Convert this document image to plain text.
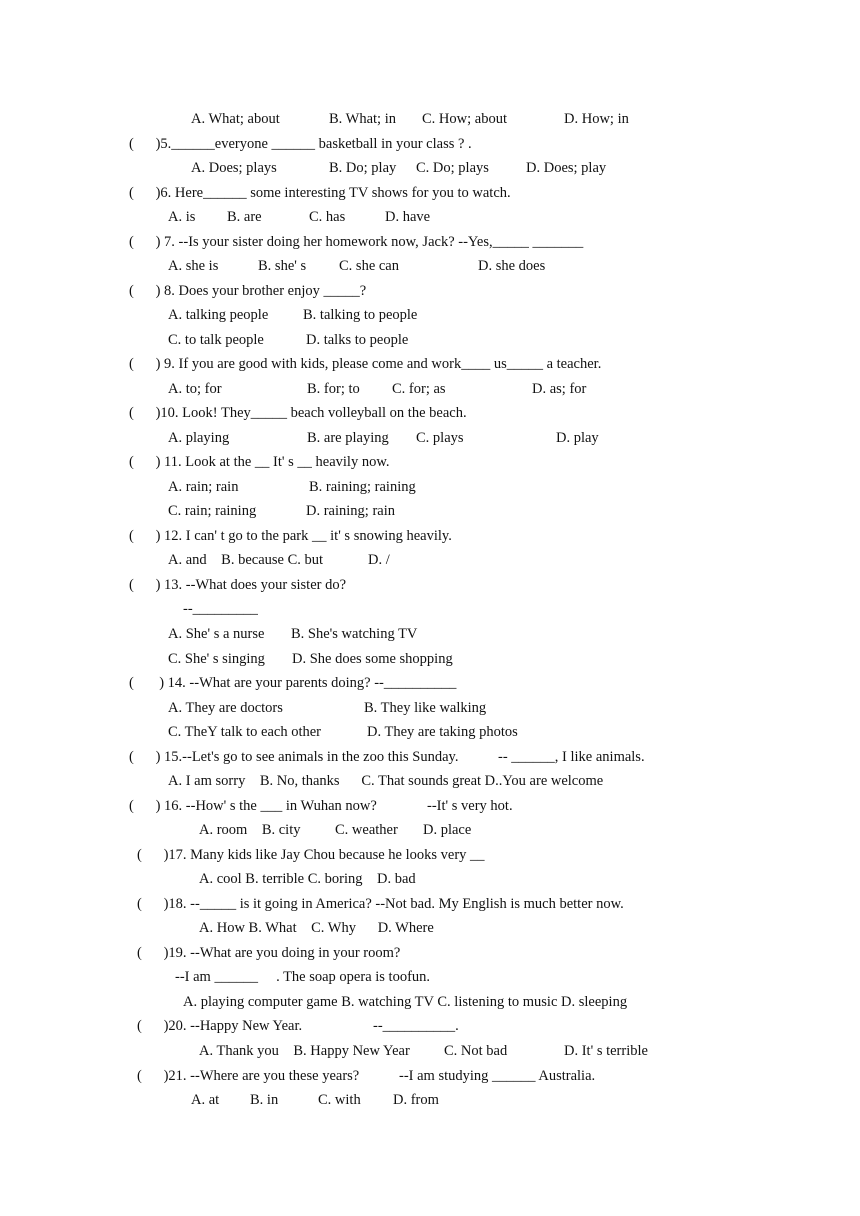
A. What; about	B. What; in C. How; about	D. How; in
(      )5.______everyone ______ basketball in your class ? .
A. Does; plays	B. Do; play C. Do; plays	D. Does; play
(      )6. Here______ some interesting TV shows for you to watch.
A. is B. are	C. has	D. have
(      ) 7. --Is your sister doing her homework now, Jack? --Yes,_____ _______
A. she is	B. she' s C. she can	D. she does
(      ) 8. Does your brother enjoy _____?
A. talking people B. talking to people
C. to talk people	D. talks to people
(      ) 9. If you are good with kids, please come and work____ us_____ a teacher.
A. to; for	B. for; to C. for; as	D. as; for
(      )10. Look! They_____ beach volleyball on the beach.
A. playing	B. are playing C. plays	D. play
(      ) 11. Look at the __ It' s __ heavily now.
A. rain; rain	B. raining; raining
C. rain; raining	D. raining; rain
(      ) 12. I can' t go to the park __ it' s snowing heavily.
A. and    B. because C. but	D. /
(      ) 13. --What does your sister do?
--_________
A. She' s a nurse B. She's watching TV
C. She' s singing D. She does some shopping
(       ) 14. --What are your parents doing? --__________
A. They are doctors	B. They like walking
C. TheY talk to each other	D. They are taking photos
(      ) 15.--Let's go to see animals in the zoo this Sunday.	-- ______, I like animals.
A. I am sorry    B. No, thanks      C. That sounds great D..You are welcome
(      ) 16. --How' s the ___ in Wuhan now?	--It' s very hot.
A. room    B. city C. weather D. place
(      )17. Many kids like Jay Chou because he looks very __
A. cool B. terrible C. boring    D. bad
(      )18. --_____ is it going in America? --Not bad. My English is much better now.
A. How B. What    C. Why      D. Where
(      )19. --What are you doing in your room?
--I am ______     . The soap opera is toofun.
A. playing computer game B. watching TV C. listening to music D. sleeping
(      )20. --Happy New Year.	--__________.
A. Thank you    B. Happy New Year C. Not bad	D. It' s terrible
(      )21. --Where are you these years?	--I am studying ______ Australia.
A. at B. in	C. with D. from
